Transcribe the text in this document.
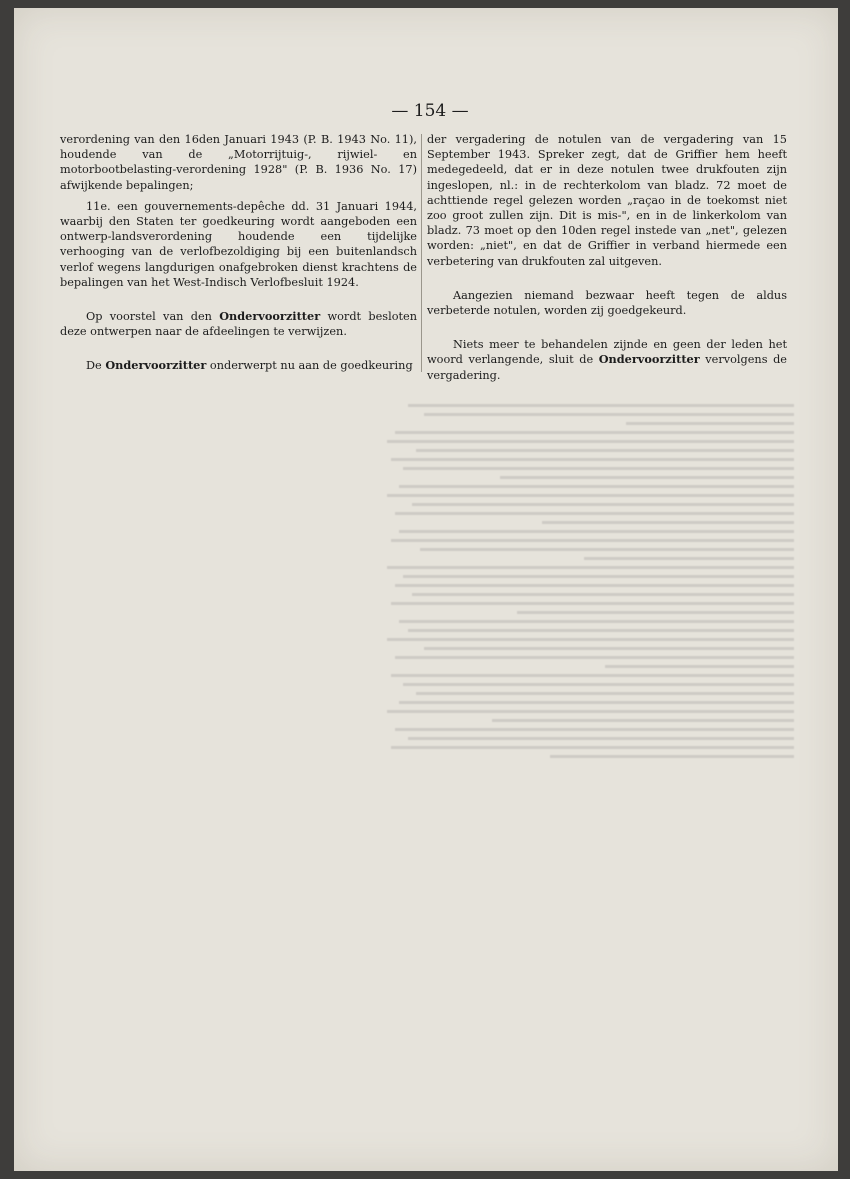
— 154 —

verordening van den 16den Januari 1943 (P. B. 1943 No. 11), houdende van de „Motorrijtuig-, rijwiel- en motorbootbelasting-verordening 1928" (P. B. 1936 No. 17) afwijkende bepalingen;

11e. een gouvernements-depêche dd. 31 Januari 1944, waarbij den Staten ter goedkeuring wordt aangeboden een ontwerp-landsverordening houdende een tijdelijke verhooging van de verlofbezoldiging bij een buitenlandsch verlof wegens langdurigen onafgebroken dienst krachtens de bepalingen van het West-Indisch Verlofbesluit 1924.

Op voorstel van den Ondervoorzitter wordt besloten deze ontwerpen naar de afdeelingen te verwijzen.

De Ondervoorzitter onderwerpt nu aan de goedkeuring

der vergadering de notulen van de vergadering van 15 September 1943. Spreker zegt, dat de Griffier hem heeft medegedeeld, dat er in deze notulen twee drukfouten zijn ingeslopen, nl.: in de rechterkolom van bladz. 72 moet de achttiende regel gelezen worden „raçao in de toekomst niet zoo groot zullen zijn. Dit is mis-", en in de linkerkolom van bladz. 73 moet op den 10den regel instede van „net", gelezen worden: „niet", en dat de Griffier in verband hiermede een verbetering van drukfouten zal uitgeven.

Aangezien niemand bezwaar heeft tegen de aldus verbeterde notulen, worden zij goedgekeurd.

Niets meer te behandelen zijnde en geen der leden het woord verlangende, sluit de Ondervoorzitter vervolgens de vergadering.
